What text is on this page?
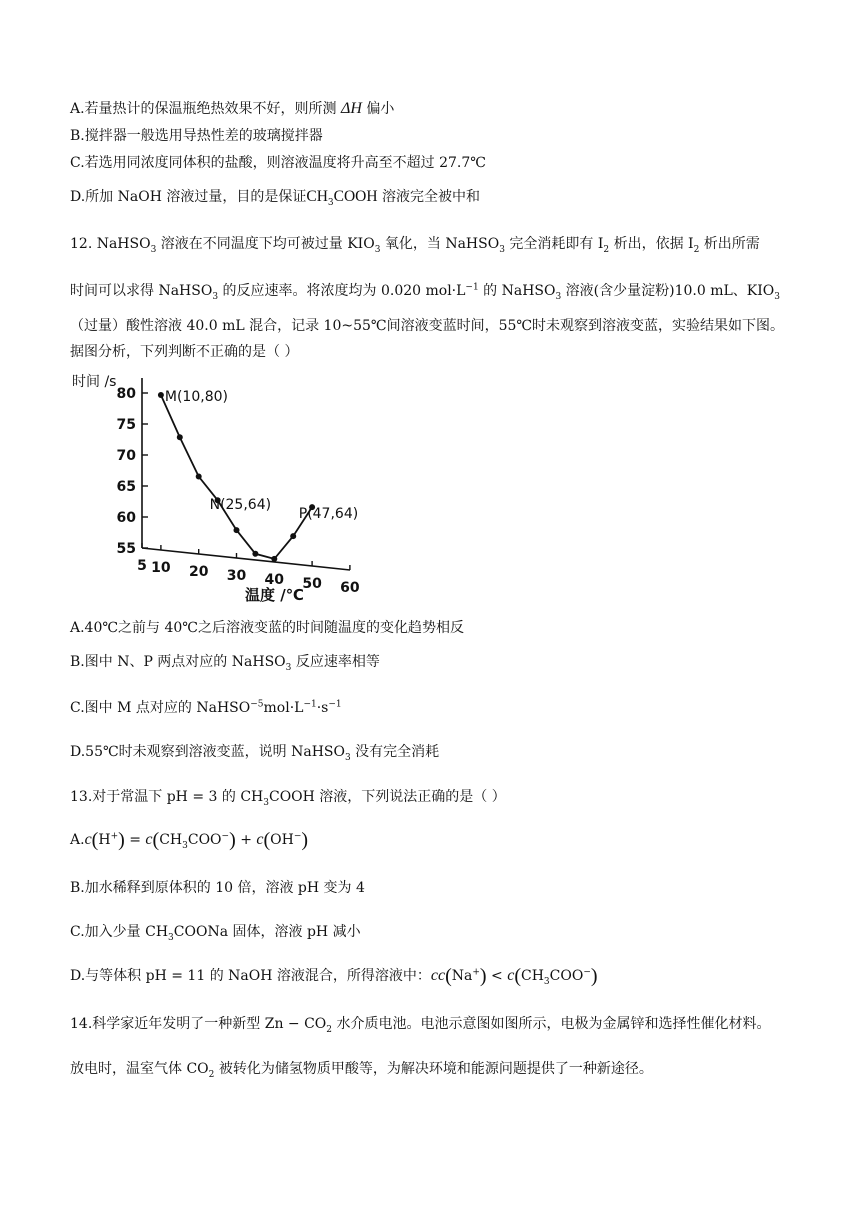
A.若量热计的保温瓶绝热效果不好，则所测 ΔH 偏小
B.搅拌器一般选用导热性差的玻璃搅拌器
C.若选用同浓度同体积的盐酸，则溶液温度将升高至不超过 27.7℃
D.所加 NaOH 溶液过量，目的是保证$CH_3COOH$ 溶液完全被中和
12. NaHSO$_3$ 溶液在不同温度下均可被过量 $KIO_3$ 氧化，当 NaHSO$_3$ 完全消耗即有 $I_2$ 析出，依据 $I_2$ 析出所需
时间可以求得 NaHSO$_3$ 的反应速率。将浓度均为 0.020 $mol\cdot L^{-1}$ 的 NaHSO$_3$ 溶液(含少量淀粉)10.0 mL、$KIO_3$
（过量）酸性溶液 40.0 mL 混合，记录 10~55℃间溶液变蓝时间，55℃时未观察到溶液变蓝，实验结果如下图。
据图分析，下列判断不正确的是（ ）
时间 /s
55
60
65
70
75
80
5 10 20 30 40 50 60
M(10,80)
N(25,64)
P(47,64)
温度 /℃
A.40℃之前与 40℃之后溶液变蓝的时间随温度的变化趋势相反
B.图中 N、P 两点对应的 NaHSO$_3$ 反应速率相等
C.图中 M 点对应的 $NaHSO^{-5}mol\cdot L^{-1}\cdot s^{-1}$
D.55℃时未观察到溶液变蓝，说明 NaHSO$_3$ 没有完全消耗
13.对于常温下 pH = 3 的 $CH_3COOH$ 溶液，下列说法正确的是（ ）
$A.c(H^+) = c(CH_3COO^-) + c(OH^-)$
B.加水稀释到原体积的 10 倍，溶液 pH 变为 4
C.加入少量 $CH_3COONa$ 固体，溶液 pH 减小
D.与等体积 pH = 11 的 NaOH 溶液混合，所得溶液中：$cc(Na^+) < c(CH_3COO^-)$
14.科学家近年发明了一种新型 $Zn - CO_2$ 水介质电池。电池示意图如图所示，电极为金属锌和选择性催化材料。
放电时，温室气体 $CO_2$ 被转化为储氢物质甲酸等，为解决环境和能源问题提供了一种新途径。
